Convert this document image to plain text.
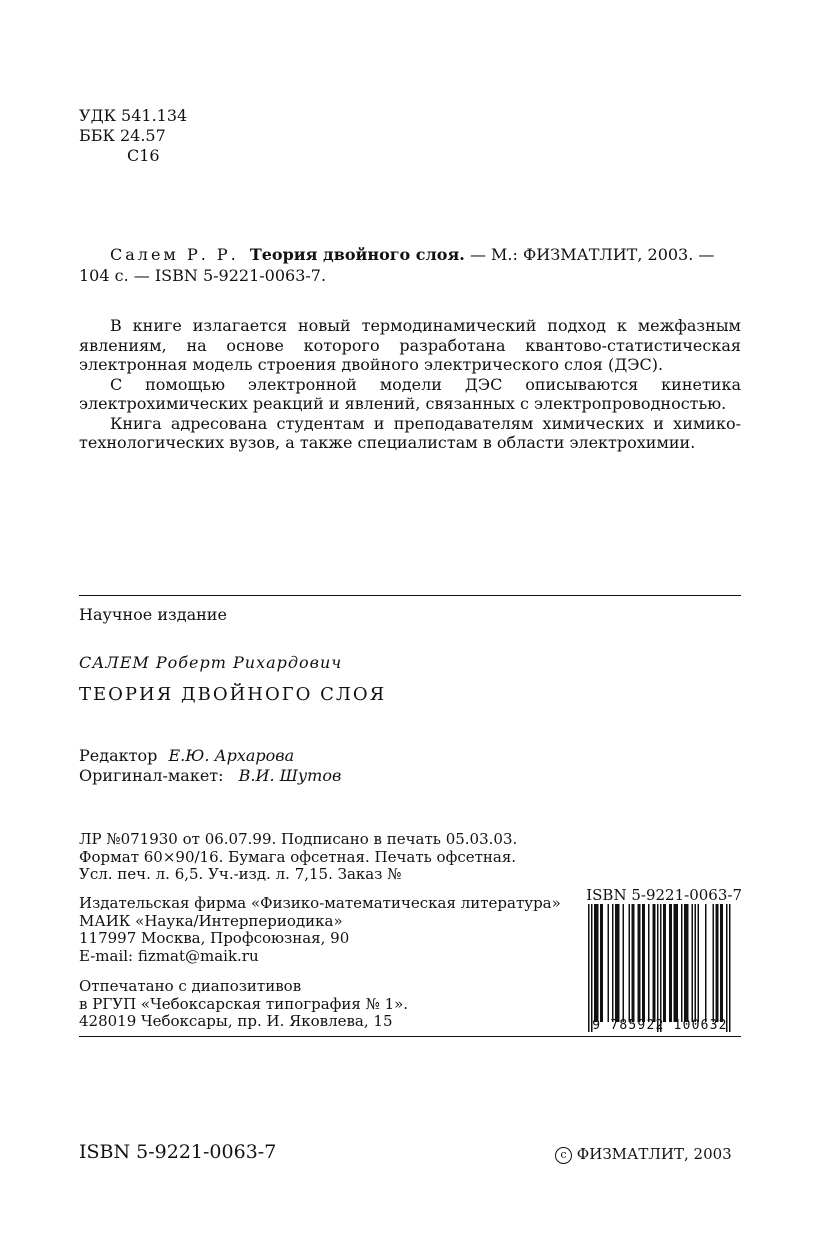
УДК 541.134
ББК 24.57
С16
Салем Р. Р. Теория двойного слоя. — М.: ФИЗМАТЛИТ, 2003. —
104 с. — ISBN 5-9221-0063-7.

В книге излагается новый термодинамический подход к межфазным явлениям, на основе которого разработана квантово-статистическая электронная модель строения двойного электрического слоя (ДЭС).

С помощью электронной модели ДЭС описываются кинетика электрохимических реакций и явлений, связанных с электропроводностью.

Книга адресована студентам и преподавателям химических и химико-технологических вузов, а также специалистам в области электрохимии.

Научное издание
САЛЕМ Роберт Рихардович
ТЕОРИЯ ДВОЙНОГО СЛОЯ
Редактор Е.Ю. Архарова
Оригинал-макет: В.И. Шутов
ЛР №071930 от 06.07.99. Подписано в печать 05.03.03.
Формат 60×90/16. Бумага офсетная. Печать офсетная.
Усл. печ. л. 6,5. Уч.-изд. л. 7,15. Заказ №
Издательская фирма «Физико-математическая литература»
МАИК «Наука/Интерпериодика»
117997 Москва, Профсоюзная, 90
E-mail: fizmat@maik.ru
Отпечатано с диапозитивов
в РГУП «Чебоксарская типография № 1».
428019 Чебоксары, пр. И. Яковлева, 15
ISBN 5-9221-0063-7
9 785922 100632
ISBN 5-9221-0063-7	c ФИЗМАТЛИТ, 2003
